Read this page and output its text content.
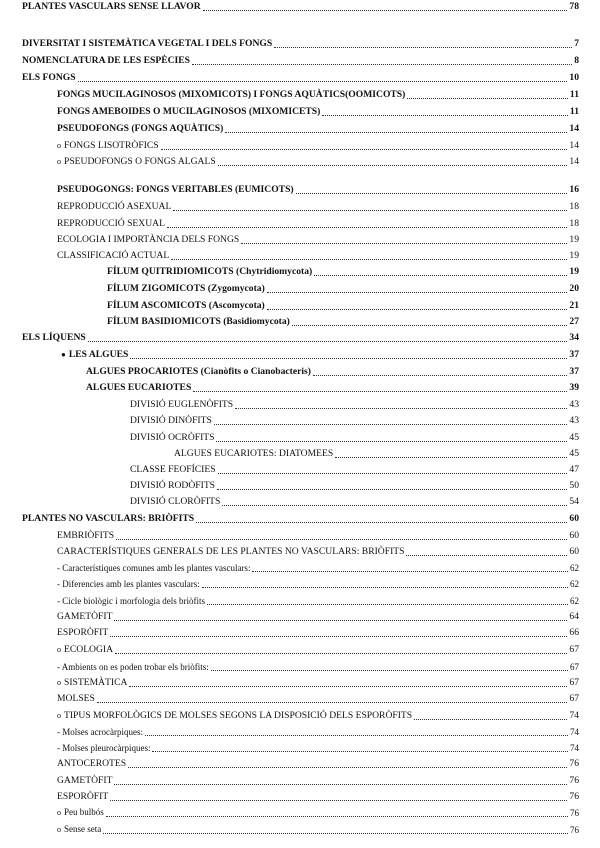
DIVERSITAT I SISTEMÀTICA VEGETAL I DELS FONGS	7
NOMENCLATURA DE LES ESPÈCIES	8
ELS FONGS	10
FONGS MUCILAGINOSOS (MIXOMICOTS) I FONGS AQUÀTICS(OOMICOTS)	11
FONGS AMEBOIDES O MUCILAGINOSOS (MIXOMICETS)	11
PSEUDOFONGS (FONGS AQUÀTICS)	14
o FONGS LISOTRÒFICS	14
o PSEUDOFONGS O FONGS ALGALS	14
PSEUDOGONGS: FONGS VERITABLES (EUMICOTS)	16
REPRODUCCIÓ ASEXUAL	18
REPRODUCCIÓ SEXUAL	18
ECOLOGIA I IMPORTÀNCIA DELS FONGS	19
CLASSIFICACIÓ ACTUAL	19
FÍLUM QUITRIDIOMICOTS (Chytridiomycota)	19
FÍLUM ZIGOMICOTS (Zygomycota)	20
FÍLUM ASCOMICOTS (Ascomycota)	21
FÍLUM BASIDIOMICOTS (Basidiomycota)	27
ELS LÍQUENS	34
● LES ALGUES	37
ALGUES PROCARIOTES (Cianòfits o Cianobacteris)	37
ALGUES EUCARIOTES	39
DIVISIÓ EUGLENÒFITS	43
DIVISIÓ DINÒFITS	43
DIVISIÓ OCRÒFITS	45
ALGUES EUCARIOTES: DIATOMEES	45
CLASSE FEOFÍCIES	47
DIVISIÓ RODÒFITS	50
DIVISIÓ CLORÒFITS	54
PLANTES NO VASCULARS: BRIÒFITS	60
EMBRIÒFITS	60
CARACTERÍSTIQUES GENERALS DE LES PLANTES NO VASCULARS: BRIÒFITS	60
- Característiques comunes amb les plantes vasculars:	62
- Diferencies amb les plantes vasculars:	62
- Cicle biològic i morfologia dels briòfits	62
GAMETÒFIT	64
ESPORÒFIT	66
o ECOLOGIA	67
- Ambients on es poden trobar els briòfits:	67
o SISTEMÀTICA	67
MOLSES	67
o TIPUS MORFOLÒGICS DE MOLSES SEGONS LA DISPOSICIÓ DELS ESPORÒFITS	74
- Molses acrocàrpiques:	74
- Molses pleurocàrpiques:	74
ANTOCEROTES	76
GAMETÒFIT	76
ESPORÒFIT	76
o Peu bulbós	76
o Sense seta	76
PLANTES VASCULARS SENSE LLAVOR	78
